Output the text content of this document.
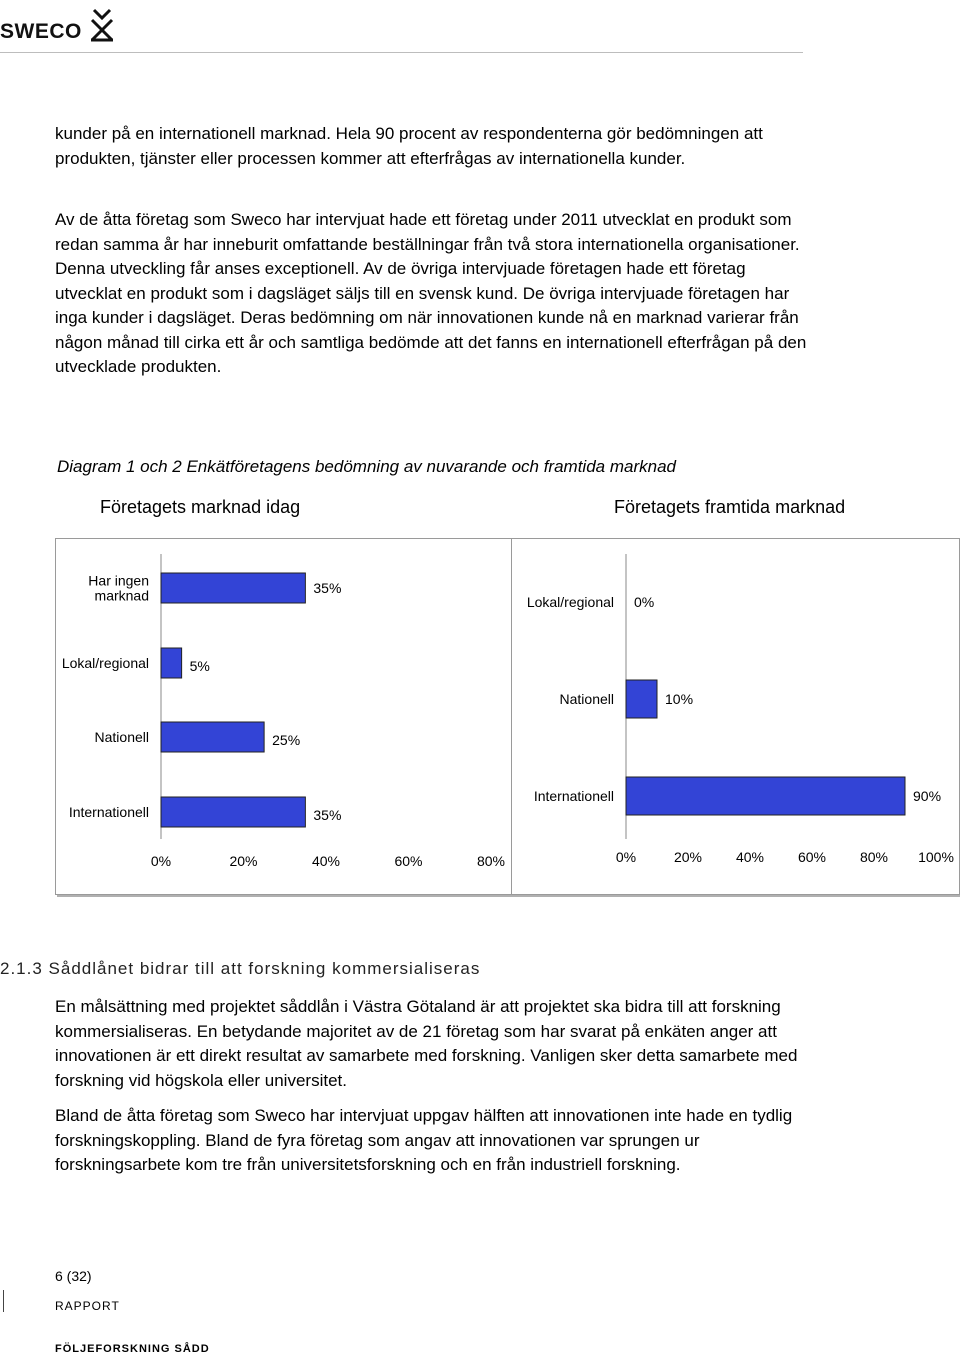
SWECO

kunder på en internationell marknad. Hela 90 procent av respondenterna gör bedömningen att produkten, tjänster eller processen kommer att efterfrågas av internationella kunder.

Av de åtta företag som Sweco har intervjuat hade ett företag under 2011 utvecklat en produkt som redan samma år har inneburit omfattande beställningar från två stora internationella organisationer. Denna utveckling får anses exceptionell. Av de övriga intervjuade företagen hade ett företag utvecklat en produkt som i dagsläget säljs till en svensk kund. De övriga intervjuade företagen har inga kunder i dagsläget. Deras bedömning om när innovationen kunde nå en marknad varierar från någon månad till cirka ett år och samtliga bedömde att det fanns en internationell efterfrågan på den utvecklade produkten.

Diagram 1 och 2 Enkätföretagens bedömning av nuvarande och framtida marknad
Företagets marknad idag	Företagets framtida marknad
Har ingen marknad	35%
Lokal/regional	5%
Nationell	25%
Internationell	35%
0%	20%	40%	60%	80%
Lokal/regional 0%
Nationell	10%
Internationell	90%
0%	20% 40% 60% 80% 100%
2.1.3 Såddlånet bidrar till att forskning kommersialiseras

En målsättning med projektet såddlån i Västra Götaland är att projektet ska bidra till att forskning kommersialiseras. En betydande majoritet av de 21 företag som har svarat på enkäten anger att innovationen är ett direkt resultat av samarbete med forskning. Vanligen sker detta samarbete med forskning vid högskola eller universitet.

Bland de åtta företag som Sweco har intervjuat uppgav hälften att innovationen inte hade en tydlig forskningskoppling. Bland de fyra företag som angav att innovationen var sprungen ur forskningsarbete kom tre från universitetsforskning och en från industriell forskning.

6 (32)
RAPPORT
FÖLJEFORSKNING SÅDD
